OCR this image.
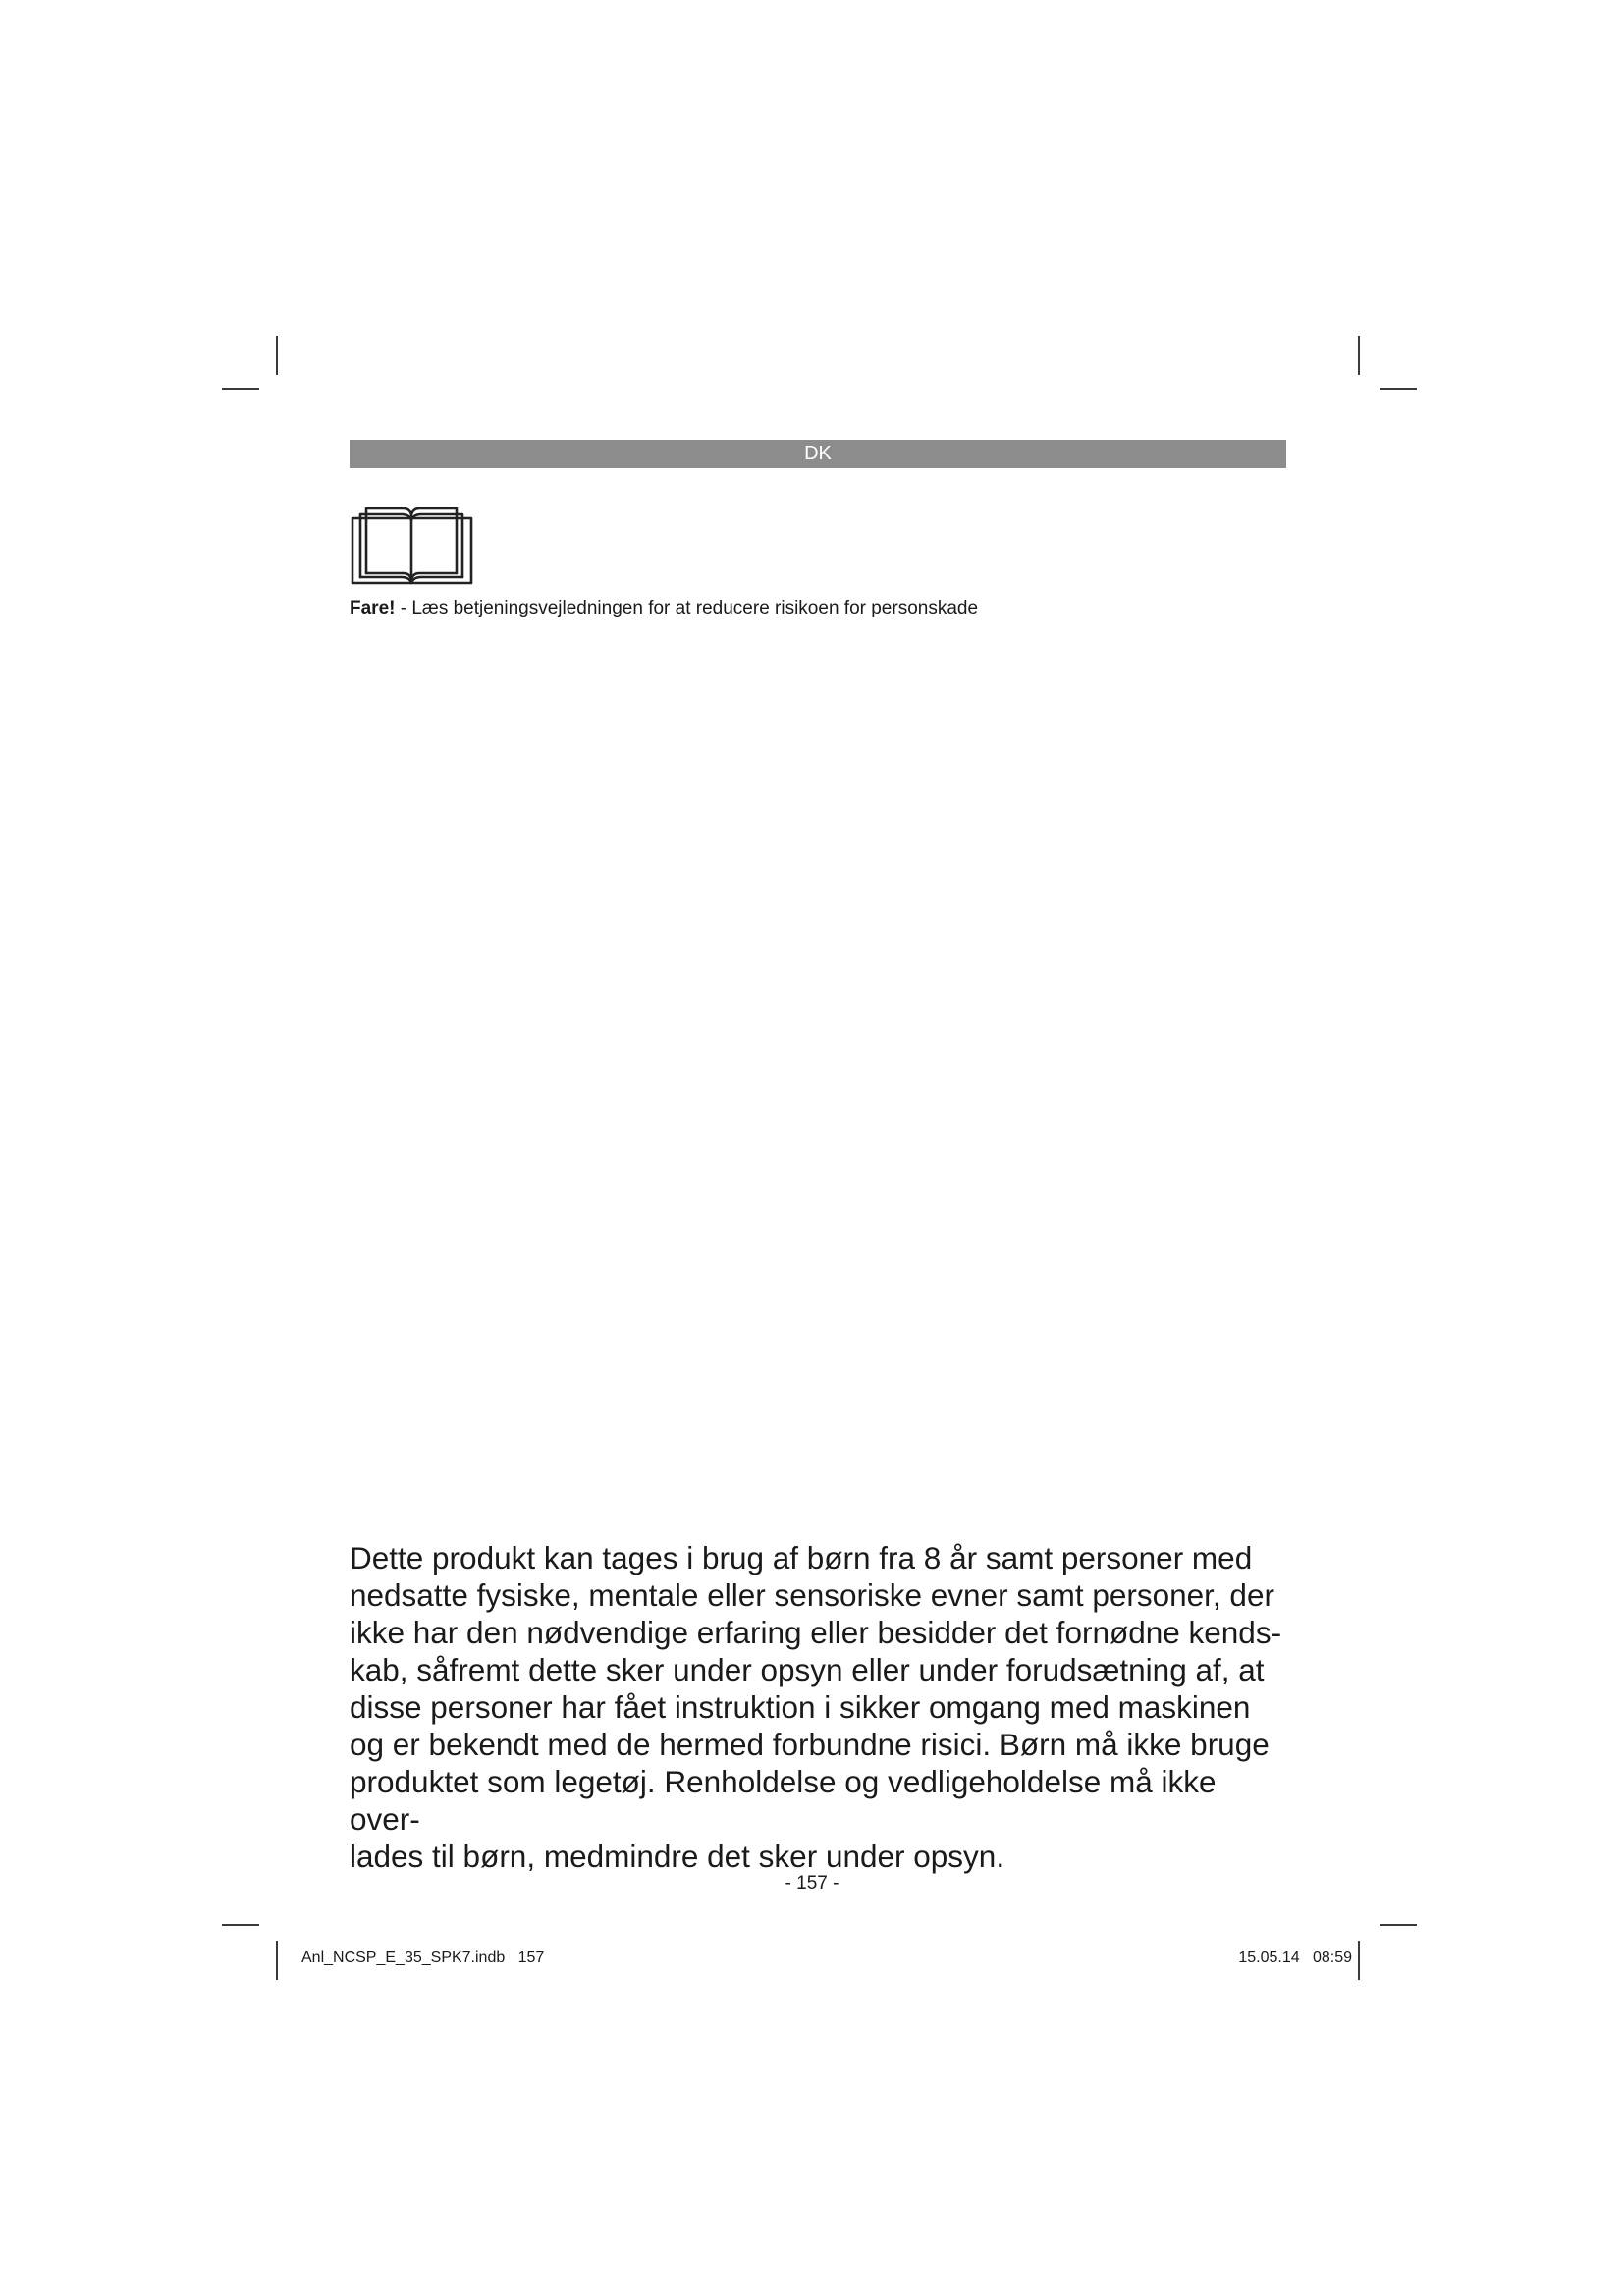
DK
Fare! - Læs betjeningsvejledningen for at reducere risikoen for personskade

Dette produkt kan tages i brug af børn fra 8 år samt personer med
nedsatte fysiske, mentale eller sensoriske evner samt personer, der
ikke har den nødvendige erfaring eller besidder det fornødne kends-
kab, såfremt dette sker under opsyn eller under forudsætning af, at
disse personer har fået instruktion i sikker omgang med maskinen
og er bekendt med de hermed forbundne risici. Børn må ikke bruge
produktet som legetøj. Renholdelse og vedligeholdelse må ikke over-
lades til børn, medmindre det sker under opsyn.

- 157 -
Anl_NCSP_E_35_SPK7.indb   157	15.05.14   08:59
